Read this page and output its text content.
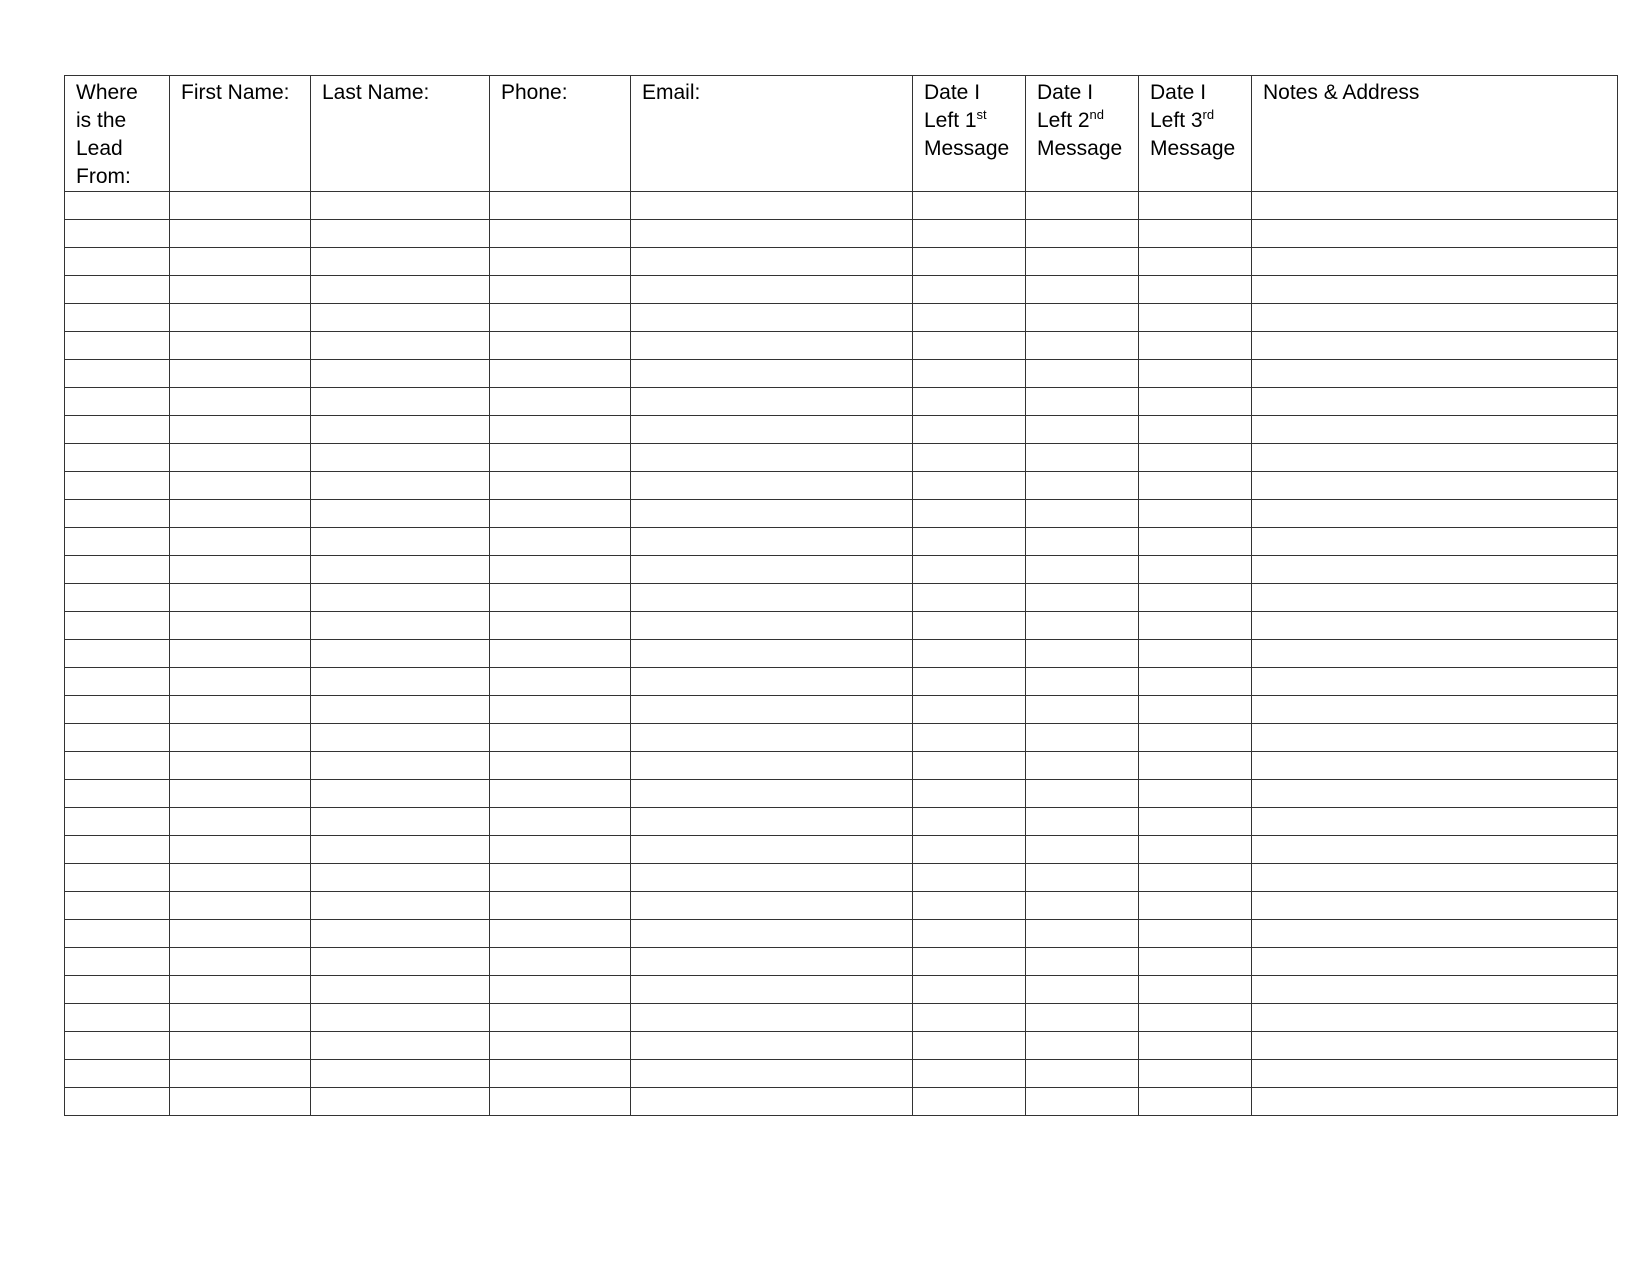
Where
is the
Lead
From:	First Name:	Last Name:	Phone:	Email:	Date I
Left 1st
Message	Date I
Left 2nd
Message	Date I
Left 3rd
Message	Notes & Address
